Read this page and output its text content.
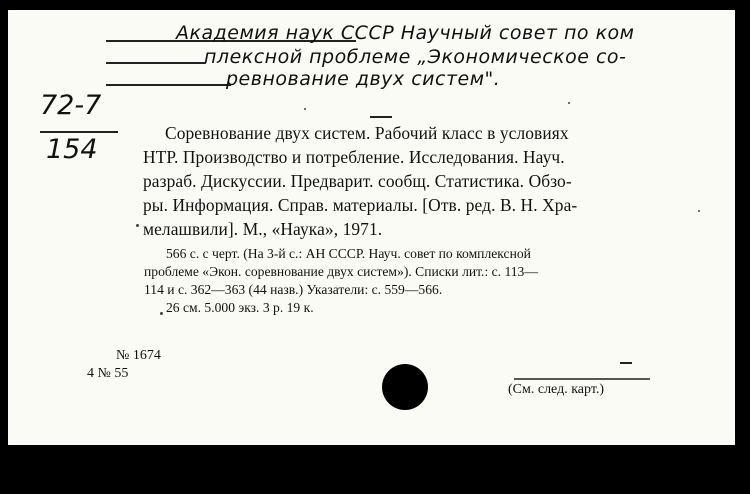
Академия наук СССР Научный совет по ком
плексной проблеме „Экономическое со-
ревнование двух систем".
72-7
154
Соревнование двух систем. Рабочий класс в условиях
НТР. Производство и потребление. Исследования. Науч.
разраб. Дискуссии. Предварит. сообщ. Статистика. Обзо-
ры. Информация. Справ. материалы. [Отв. ред. В. Н. Хра-
мелашвили]. М., «Наука», 1971.
566 с. с черт. (На 3-й с.: АН СССР. Науч. совет по комплексной
проблеме «Экон. соревнование двух систем»). Списки лит.: с. 113—
114 и с. 362—363 (44 назв.) Указатели: с. 559—566.
26 см. 5.000 экз. 3 р. 19 к.
№ 1674
4 № 55
(См. след. карт.)
